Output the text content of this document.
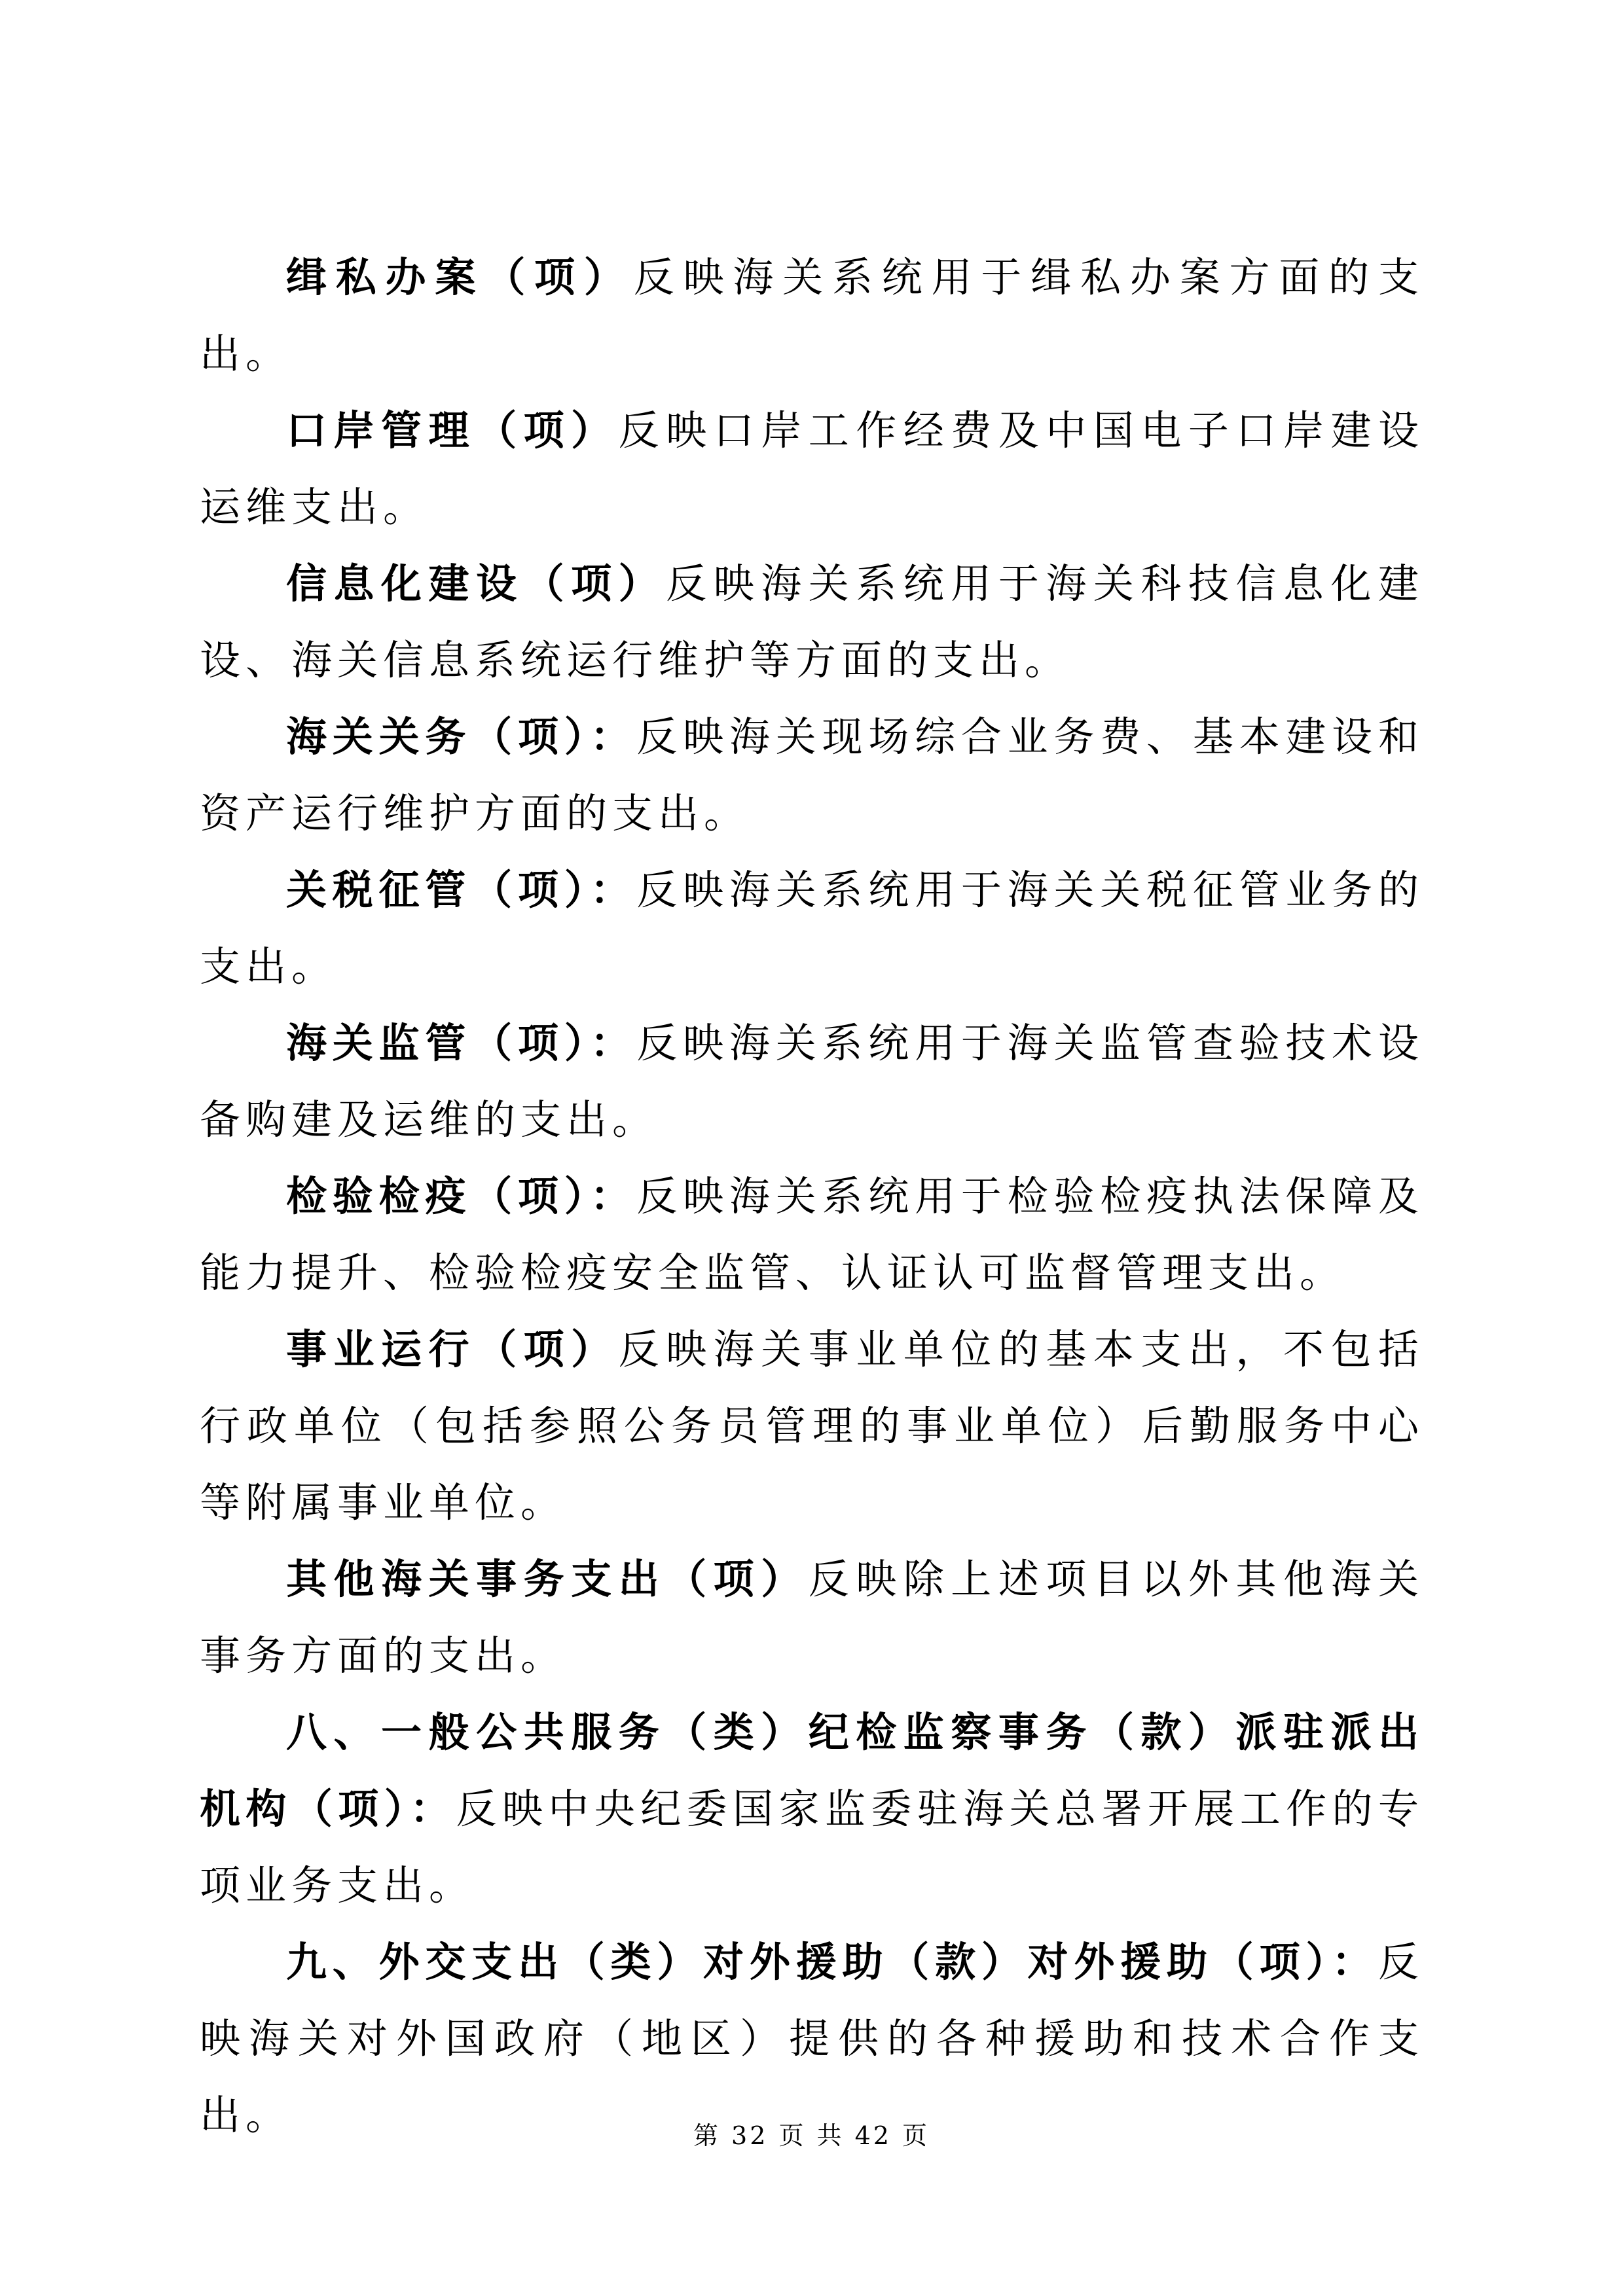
缉私办案（项）反映海关系统用于缉私办案方面的支出。

口岸管理（项）反映口岸工作经费及中国电子口岸建设运维支出。

信息化建设（项）反映海关系统用于海关科技信息化建设、海关信息系统运行维护等方面的支出。

海关关务（项）：反映海关现场综合业务费、基本建设和资产运行维护方面的支出。

关税征管（项）：反映海关系统用于海关关税征管业务的支出。

海关监管（项）：反映海关系统用于海关监管查验技术设备购建及运维的支出。

检验检疫（项）：反映海关系统用于检验检疫执法保障及能力提升、检验检疫安全监管、认证认可监督管理支出。

事业运行（项）反映海关事业单位的基本支出，不包括行政单位（包括参照公务员管理的事业单位）后勤服务中心等附属事业单位。

其他海关事务支出（项）反映除上述项目以外其他海关事务方面的支出。

八、一般公共服务（类）纪检监察事务（款）派驻派出机构（项）：反映中央纪委国家监委驻海关总署开展工作的专项业务支出。

九、外交支出（类）对外援助（款）对外援助（项）：反映海关对外国政府（地区）提供的各种援助和技术合作支出。	第 32 页 共 42 页
